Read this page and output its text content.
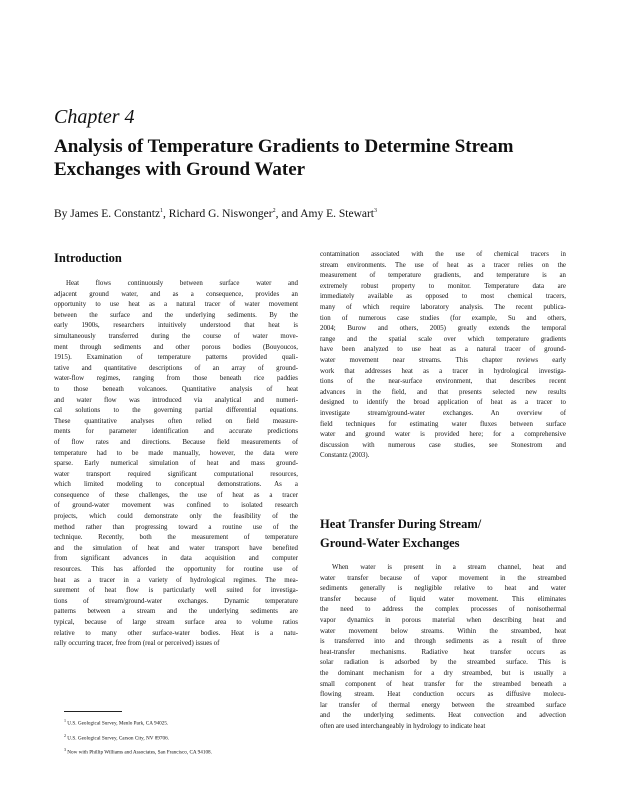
Chapter 4
Analysis of Temperature Gradients to Determine Stream Exchanges with Ground Water
By James E. Constantz$^1$, Richard G. Niswonger$^2$, and Amy E. Stewart$^3$
Introduction
Heat flows continuously between surface water and
adjacent ground water, and as a consequence, provides an
opportunity to use heat as a natural tracer of water movement
between the surface and the underlying sediments. By the
early 1900s, researchers intuitively understood that heat is
simultaneously transferred during the course of water move-
ment through sediments and other porous bodies (Bouyoucos,
1915). Examination of temperature patterns provided quali-
tative and quantitative descriptions of an array of ground-
water-flow regimes, ranging from those beneath rice paddies
to those beneath volcanoes. Quantitative analysis of heat
and water flow was introduced via analytical and numeri-
cal solutions to the governing partial differential equations.
These quantitative analyses often relied on field measure-
ments for parameter identification and accurate predictions
of flow rates and directions. Because field measurements of
temperature had to be made manually, however, the data were
sparse. Early numerical simulation of heat and mass ground-
water transport required significant computational resources,
which limited modeling to conceptual demonstrations. As a
consequence of these challenges, the use of heat as a tracer
of ground-water movement was confined to isolated research
projects, which could demonstrate only the feasibility of the
method rather than progressing toward a routine use of the
technique. Recently, both the measurement of temperature
and the simulation of heat and water transport have benefited
from significant advances in data acquisition and computer
resources. This has afforded the opportunity for routine use of
heat as a tracer in a variety of hydrological regimes. The mea-
surement of heat flow is particularly well suited for investiga-
tions of stream/ground-water exchanges. Dynamic temperature
patterns between a stream and the underlying sediments are
typical, because of large stream surface area to volume ratios
relative to many other surface-water bodies. Heat is a natu-
rally occurring tracer, free from (real or perceived) issues of
contamination associated with the use of chemical tracers in
stream environments. The use of heat as a tracer relies on the
measurement of temperature gradients, and temperature is an
extremely robust property to monitor. Temperature data are
immediately available as opposed to most chemical tracers,
many of which require laboratory analysis. The recent publica-
tion of numerous case studies (for example, Su and others,
2004; Burow and others, 2005) greatly extends the temporal
range and the spatial scale over which temperature gradients
have been analyzed to use heat as a natural tracer of ground-
water movement near streams. This chapter reviews early
work that addresses heat as a tracer in hydrological investiga-
tions of the near-surface environment, that describes recent
advances in the field, and that presents selected new results
designed to identify the broad application of heat as a tracer to
investigate stream/ground-water exchanges. An overview of
field techniques for estimating water fluxes between surface
water and ground water is provided here; for a comprehensive
discussion with numerous case studies, see Stonestrom and
Constantz (2003).
Heat Transfer During Stream/
Ground-Water Exchanges
When water is present in a stream channel, heat and
water transfer because of vapor movement in the streambed
sediments generally is negligible relative to heat and water
transfer because of liquid water movement. This eliminates
the need to address the complex processes of nonisothermal
vapor dynamics in porous material when describing heat and
water movement below streams. Within the streambed, heat
is transferred into and through sediments as a result of three
heat-transfer mechanisms. Radiative heat transfer occurs as
solar radiation is adsorbed by the streambed surface. This is
the dominant mechanism for a dry streambed, but is usually a
small component of heat transfer for the streambed beneath a
flowing stream. Heat conduction occurs as diffusive molecu-
lar transfer of thermal energy between the streambed surface
and the underlying sediments. Heat convection and advection
often are used interchangeably in hydrology to indicate heat
$^1$ U.S. Geological Survey, Menlo Park, CA 94025.
$^2$ U.S. Geological Survey, Carson City, NV 89706.
$^3$ Now with Phillip Williams and Associates, San Francisco, CA 94108.
